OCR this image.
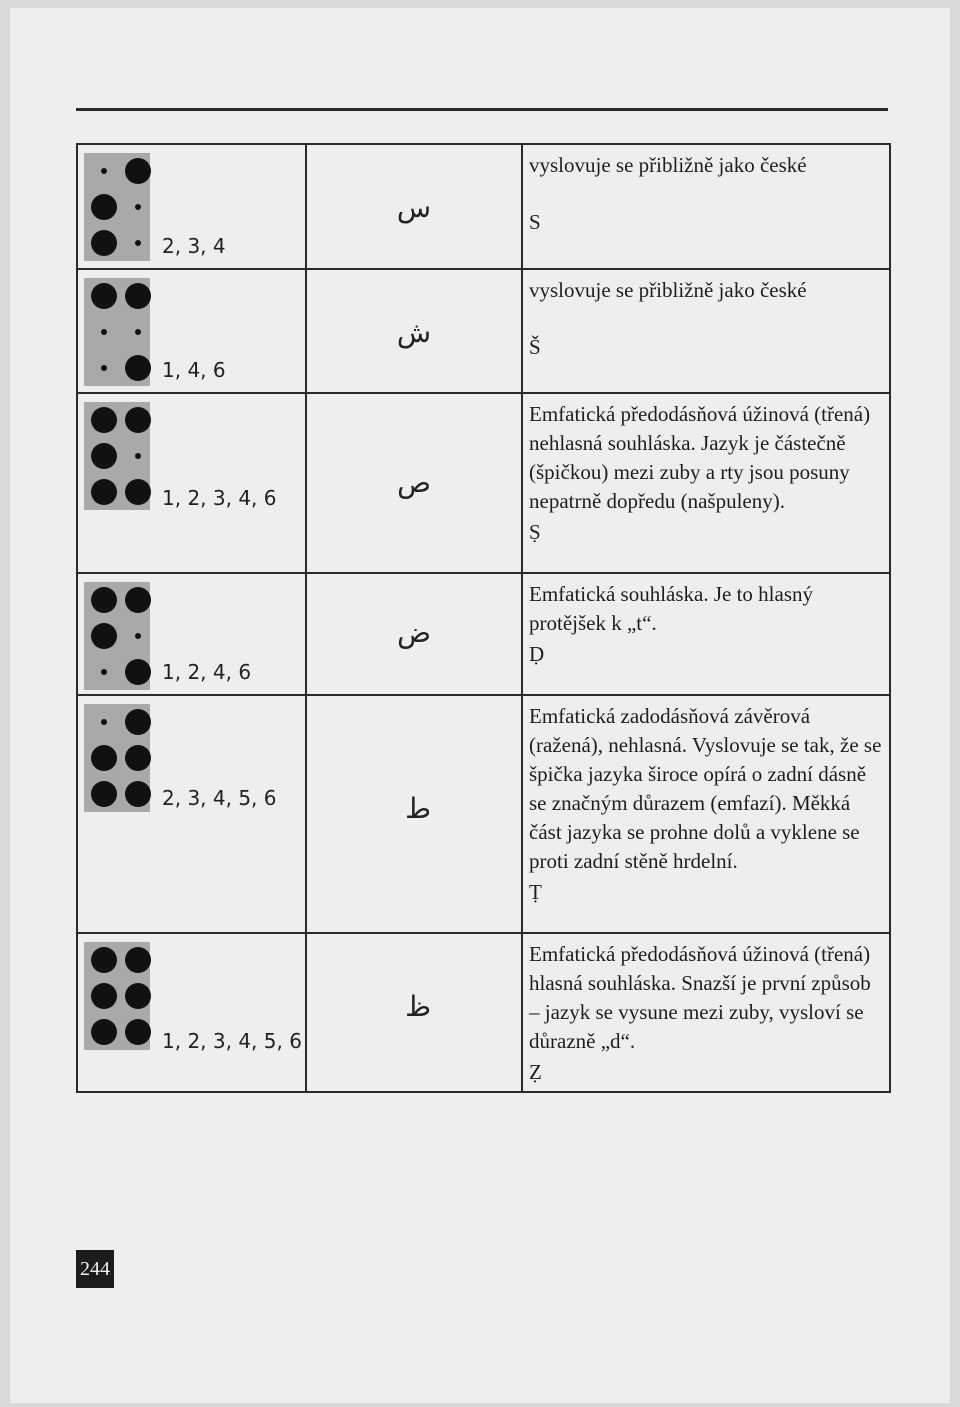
2, 3, 4	س	vyslovuje se přibližně jako české
S

1, 4, 6	ش	vyslovuje se přibližně jako české
Š

1, 2, 3, 4, 6	ص	Emfatická předodásňová úžinová (třená) nehlasná souhláska. Jazyk je částečně (špičkou) mezi zuby a rty jsou posuny nepatrně dopředu (našpuleny).
Ṣ

1, 2, 4, 6	ض	Emfatická souhláska. Je to hlasný protějšek k „t“.
Ḍ

2, 3, 4, 5, 6	ط	Emfatická zadodásňová závěrová (ražená), nehlasná. Vyslovuje se tak, že se špička jazyka široce opírá o zadní dásně se značným důrazem (emfazí). Měkká část jazyka se prohne dolů a vyklene se proti zadní stěně hrdelní.
Ṭ

1, 2, 3, 4, 5, 6	ظ	Emfatická předodásňová úžinová (třená) hlasná souhláska. Snazší je první způsob – jazyk se vysune mezi zuby, vysloví se důrazně „d“.
Ẓ
244
